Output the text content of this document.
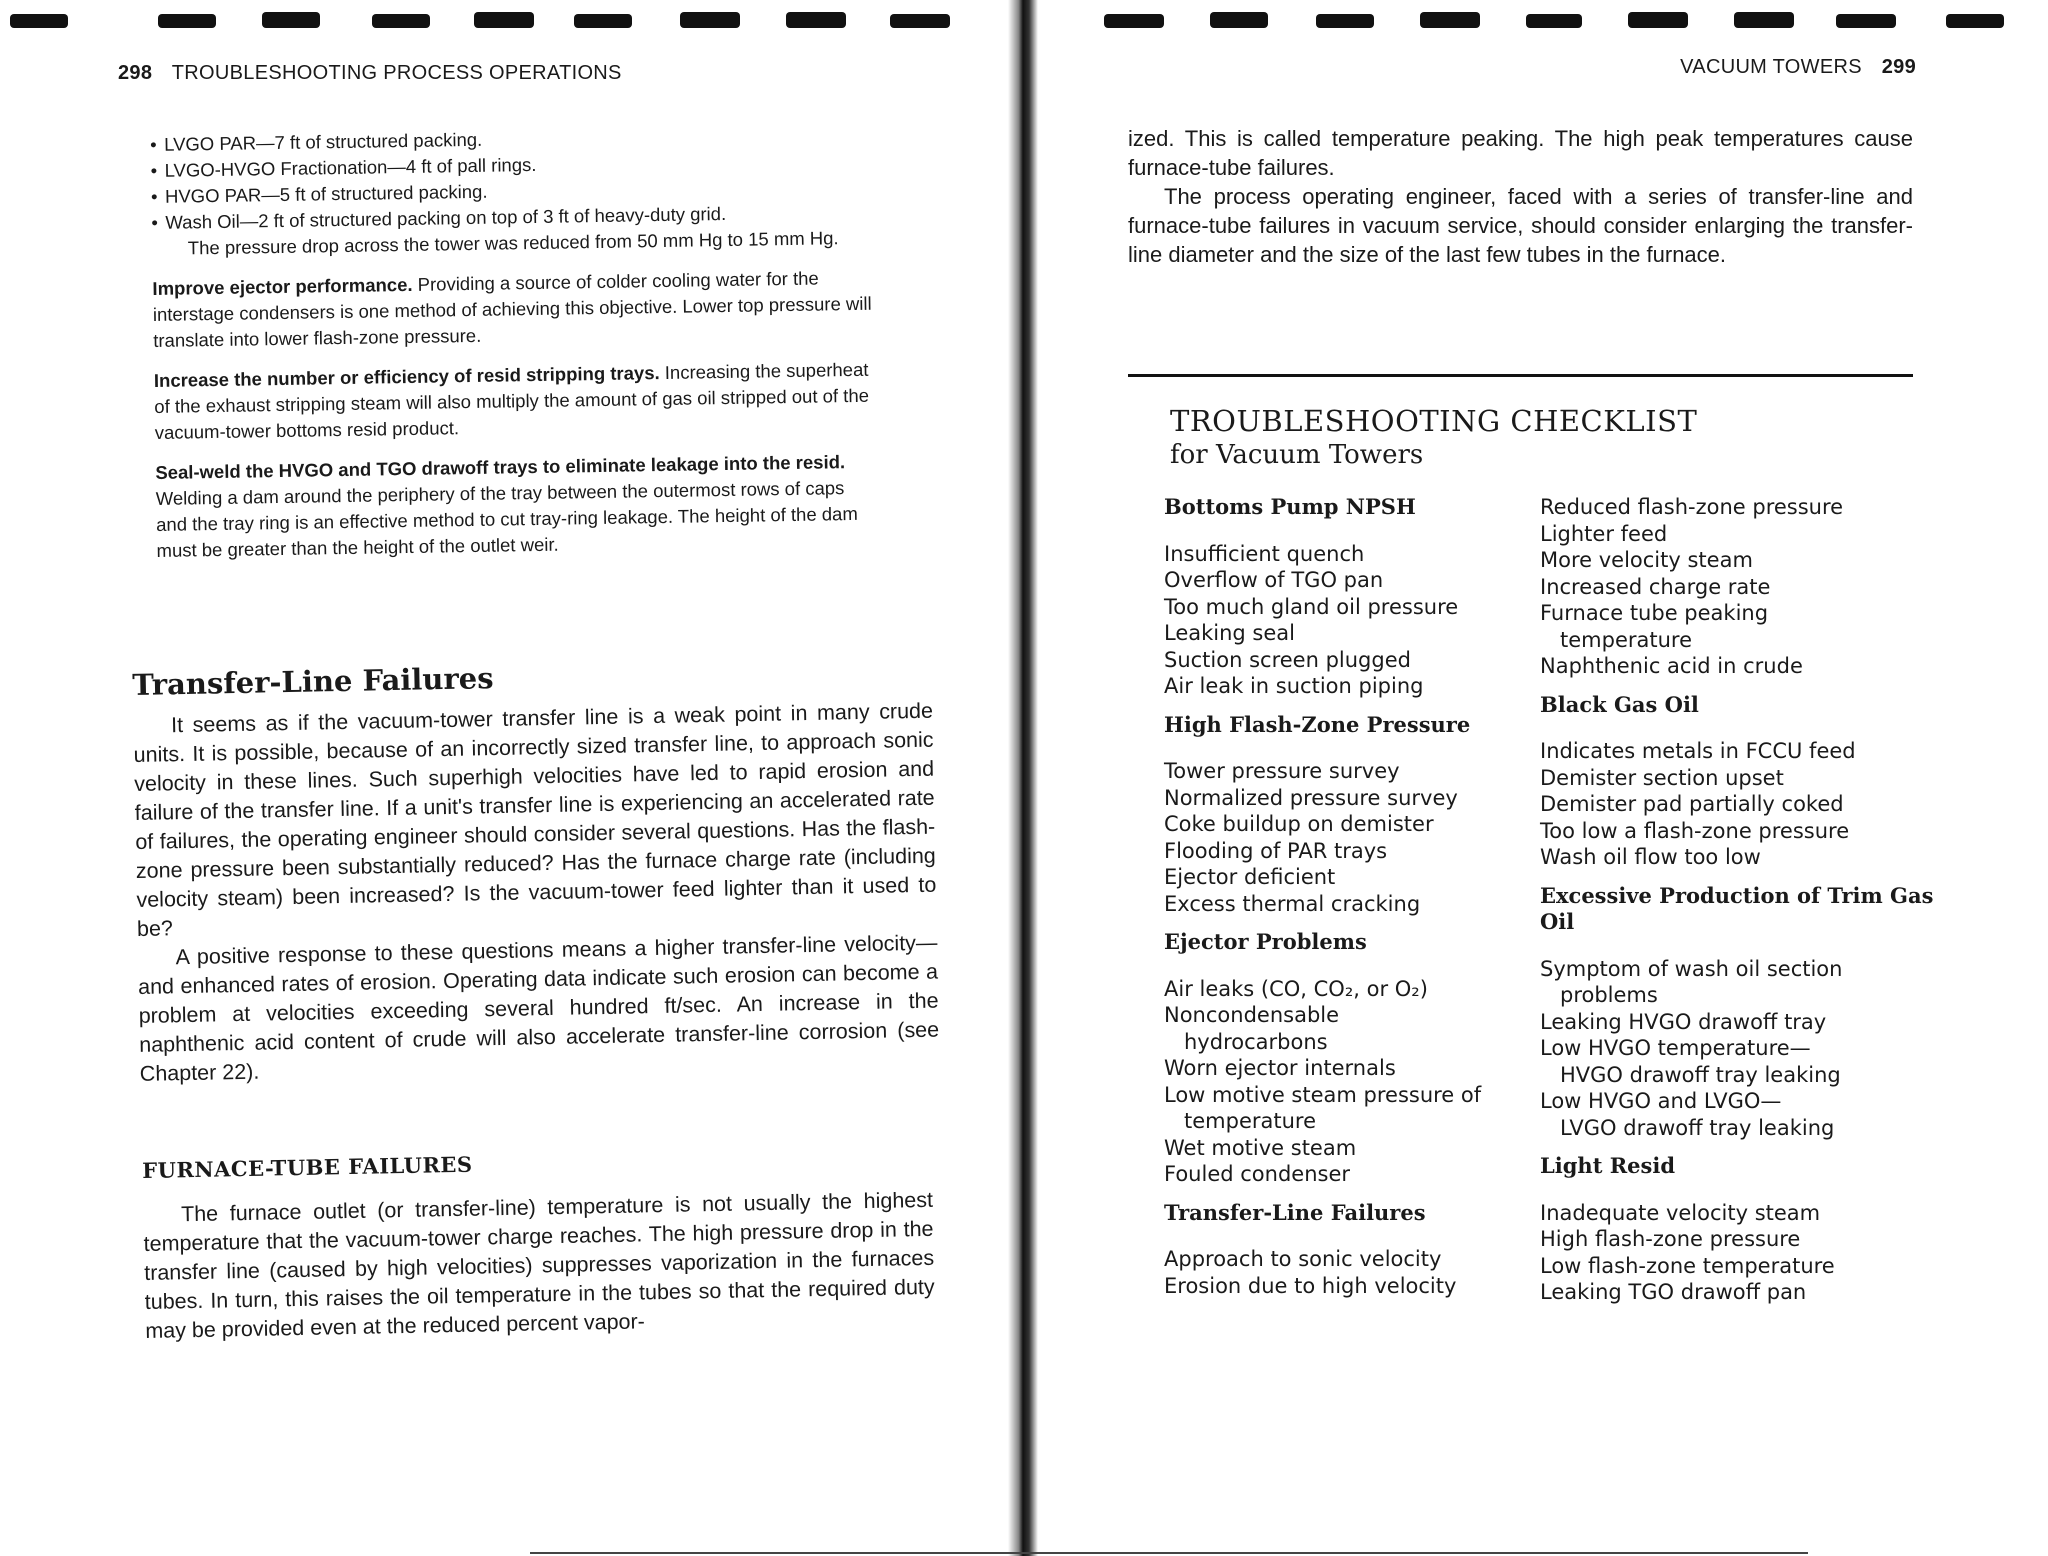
298 TROUBLESHOOTING PROCESS OPERATIONS
• LVGO PAR—7 ft of structured packing.
• LVGO-HVGO Fractionation—4 ft of pall rings.
• HVGO PAR—5 ft of structured packing.
• Wash Oil—2 ft of structured packing on top of 3 ft of heavy-duty grid.

The pressure drop across the tower was reduced from 50 mm Hg to 15 mm Hg.

Improve ejector performance. Providing a source of colder cooling water for the interstage condensers is one method of achieving this objective. Lower top pressure will translate into lower flash-zone pressure.

Increase the number or efficiency of resid stripping trays. Increasing the superheat of the exhaust stripping steam will also multiply the amount of gas oil stripped out of the vacuum-tower bottoms resid product.

Seal-weld the HVGO and TGO drawoff trays to eliminate leakage into the resid. Welding a dam around the periphery of the tray between the outermost rows of caps and the tray ring is an effective method to cut tray-ring leakage. The height of the dam must be greater than the height of the outlet weir.

Transfer-Line Failures

It seems as if the vacuum-tower transfer line is a weak point in many crude units. It is possible, because of an incorrectly sized transfer line, to approach sonic velocity in these lines. Such superhigh velocities have led to rapid erosion and failure of the transfer line. If a unit's transfer line is experiencing an accelerated rate of failures, the operating engineer should consider several questions. Has the flash-zone pressure been substantially reduced? Has the furnace charge rate (including velocity steam) been increased? Is the vacuum-tower feed lighter than it used to be?

A positive response to these questions means a higher transfer-line velocity—and enhanced rates of erosion. Operating data indicate such erosion can become a problem at velocities exceeding several hundred ft/sec. An increase in the naphthenic acid content of crude will also accelerate transfer-line corrosion (see Chapter 22).

FURNACE-TUBE FAILURES

The furnace outlet (or transfer-line) temperature is not usually the highest temperature that the vacuum-tower charge reaches. The high pressure drop in the transfer line (caused by high velocities) suppresses vaporization in the furnaces tubes. In turn, this raises the oil temperature in the tubes so that the required duty may be provided even at the reduced percent vapor-

VACUUM TOWERS 299

ized. This is called temperature peaking. The high peak temperatures cause furnace-tube failures.

The process operating engineer, faced with a series of transfer-line and furnace-tube failures in vacuum service, should consider enlarging the transfer-line diameter and the size of the last few tubes in the furnace.

TROUBLESHOOTING CHECKLIST
for Vacuum Towers
Bottoms Pump NPSH
Insufficient quench
Overflow of TGO pan
Too much gland oil pressure
Leaking seal
Suction screen plugged
Air leak in suction piping
High Flash-Zone Pressure
Tower pressure survey
Normalized pressure survey
Coke buildup on demister
Flooding of PAR trays
Ejector deficient
Excess thermal cracking
Ejector Problems
Air leaks (CO, CO₂, or O₂)
Noncondensable
hydrocarbons
Worn ejector internals
Low motive steam pressure of
temperature
Wet motive steam
Fouled condenser
Transfer-Line Failures
Approach to sonic velocity
Erosion due to high velocity
Reduced flash-zone pressure
Lighter feed
More velocity steam
Increased charge rate
Furnace tube peaking
temperature
Naphthenic acid in crude
Black Gas Oil
Indicates metals in FCCU feed
Demister section upset
Demister pad partially coked
Too low a flash-zone pressure
Wash oil flow too low
Excessive Production of Trim Gas Oil
Symptom of wash oil section
problems
Leaking HVGO drawoff tray
Low HVGO temperature—
HVGO drawoff tray leaking
Low HVGO and LVGO—
LVGO drawoff tray leaking
Light Resid
Inadequate velocity steam
High flash-zone pressure
Low flash-zone temperature
Leaking TGO drawoff pan
